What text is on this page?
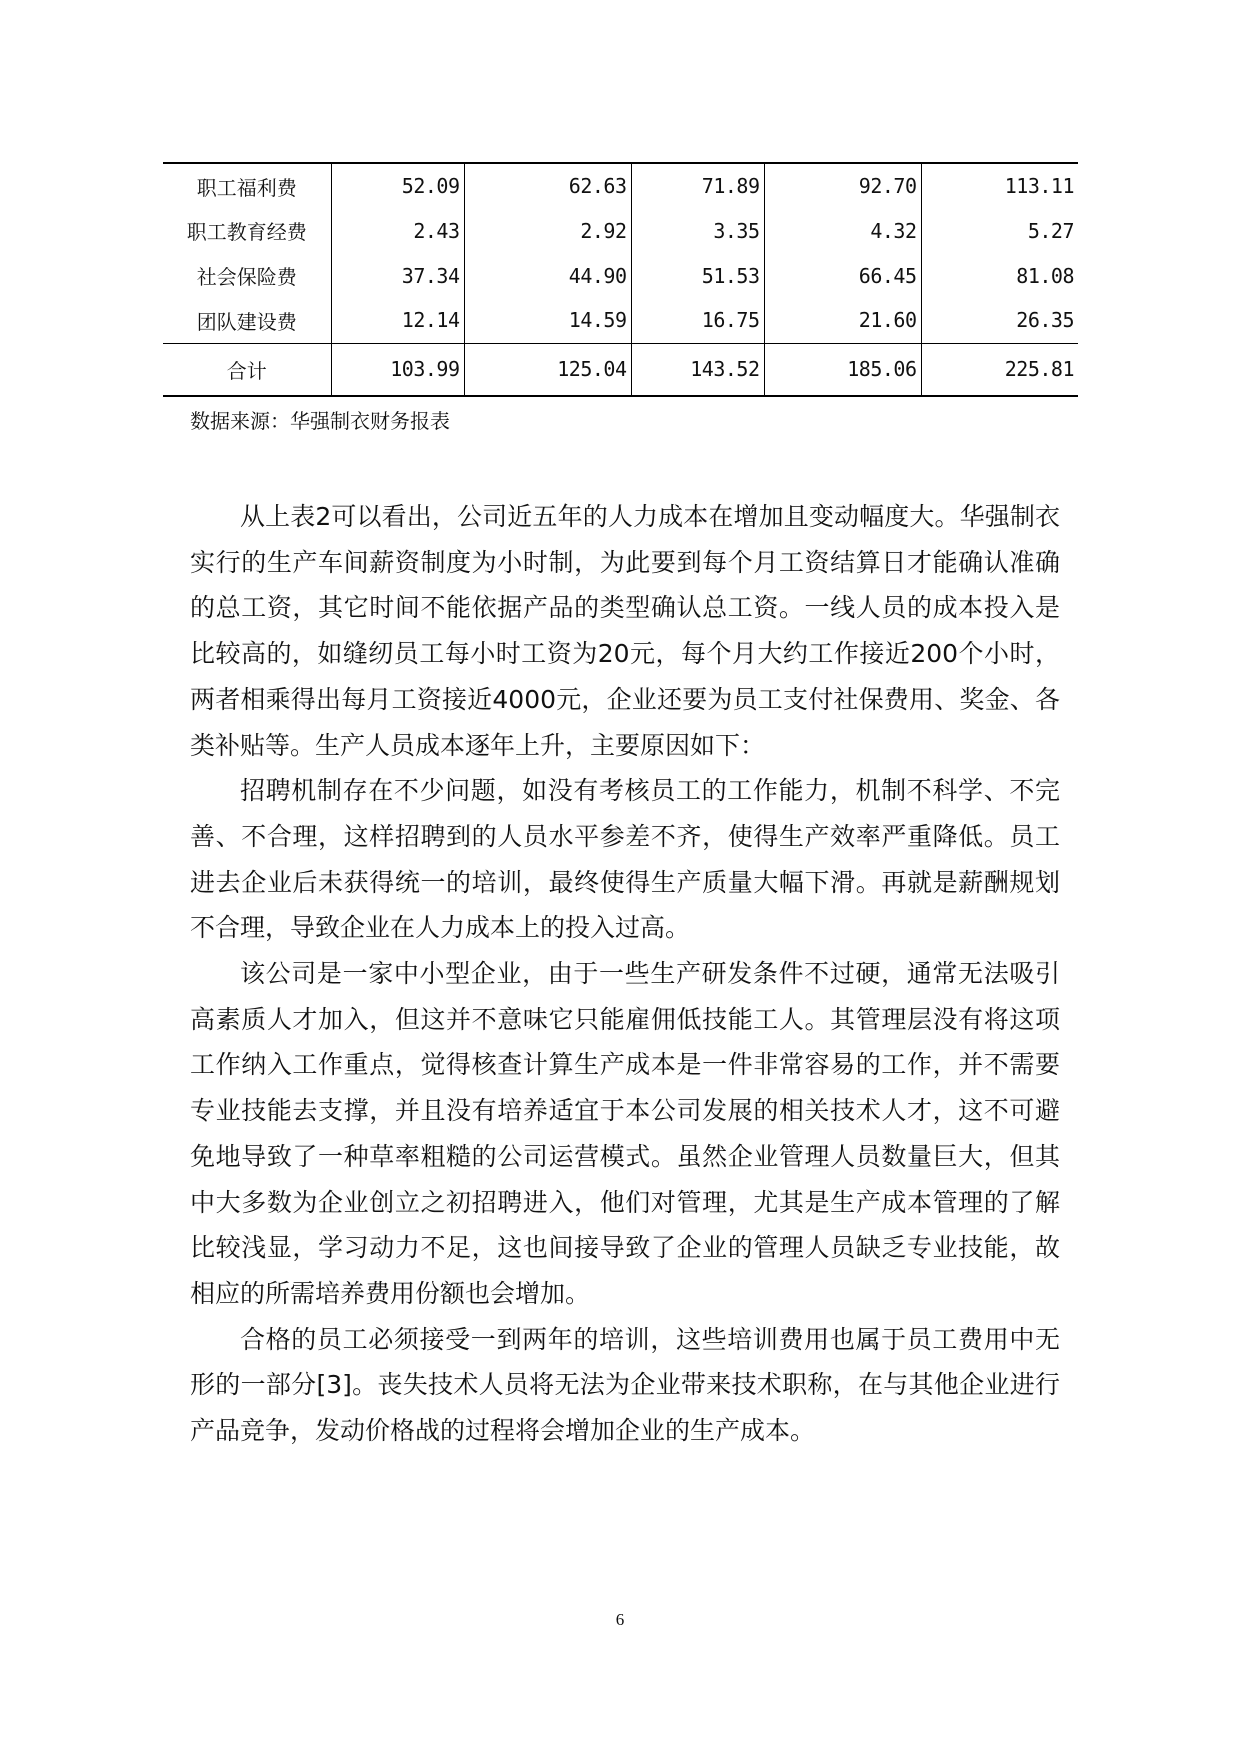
职工福利费	52.09	62.63	71.89	92.70	113.11
职工教育经费	2.43	2.92	3.35	4.32	5.27
社会保险费	37.34	44.90	51.53	66.45	81.08
团队建设费	12.14	14.59	16.75	21.60	26.35
合计	103.99	125.04	143.52	185.06	225.81

数据来源：华强制衣财务报表

从上表2可以看出，公司近五年的人力成本在增加且变动幅度大。华强制衣实行的生产车间薪资制度为小时制，为此要到每个月工资结算日才能确认准确的总工资，其它时间不能依据产品的类型确认总工资。一线人员的成本投入是比较高的，如缝纫员工每小时工资为20元，每个月大约工作接近200个小时，两者相乘得出每月工资接近4000元，企业还要为员工支付社保费用、奖金、各类补贴等。生产人员成本逐年上升，主要原因如下：

招聘机制存在不少问题，如没有考核员工的工作能力，机制不科学、不完善、不合理，这样招聘到的人员水平参差不齐，使得生产效率严重降低。员工进去企业后未获得统一的培训，最终使得生产质量大幅下滑。再就是薪酬规划不合理，导致企业在人力成本上的投入过高。

该公司是一家中小型企业，由于一些生产研发条件不过硬，通常无法吸引高素质人才加入，但这并不意味它只能雇佣低技能工人。其管理层没有将这项工作纳入工作重点，觉得核查计算生产成本是一件非常容易的工作，并不需要专业技能去支撑，并且没有培养适宜于本公司发展的相关技术人才，这不可避免地导致了一种草率粗糙的公司运营模式。虽然企业管理人员数量巨大，但其中大多数为企业创立之初招聘进入，他们对管理，尤其是生产成本管理的了解比较浅显，学习动力不足，这也间接导致了企业的管理人员缺乏专业技能，故相应的所需培养费用份额也会增加。

合格的员工必须接受一到两年的培训，这些培训费用也属于员工费用中无形的一部分[3]。丧失技术人员将无法为企业带来技术职称，在与其他企业进行产品竞争，发动价格战的过程将会增加企业的生产成本。

6
